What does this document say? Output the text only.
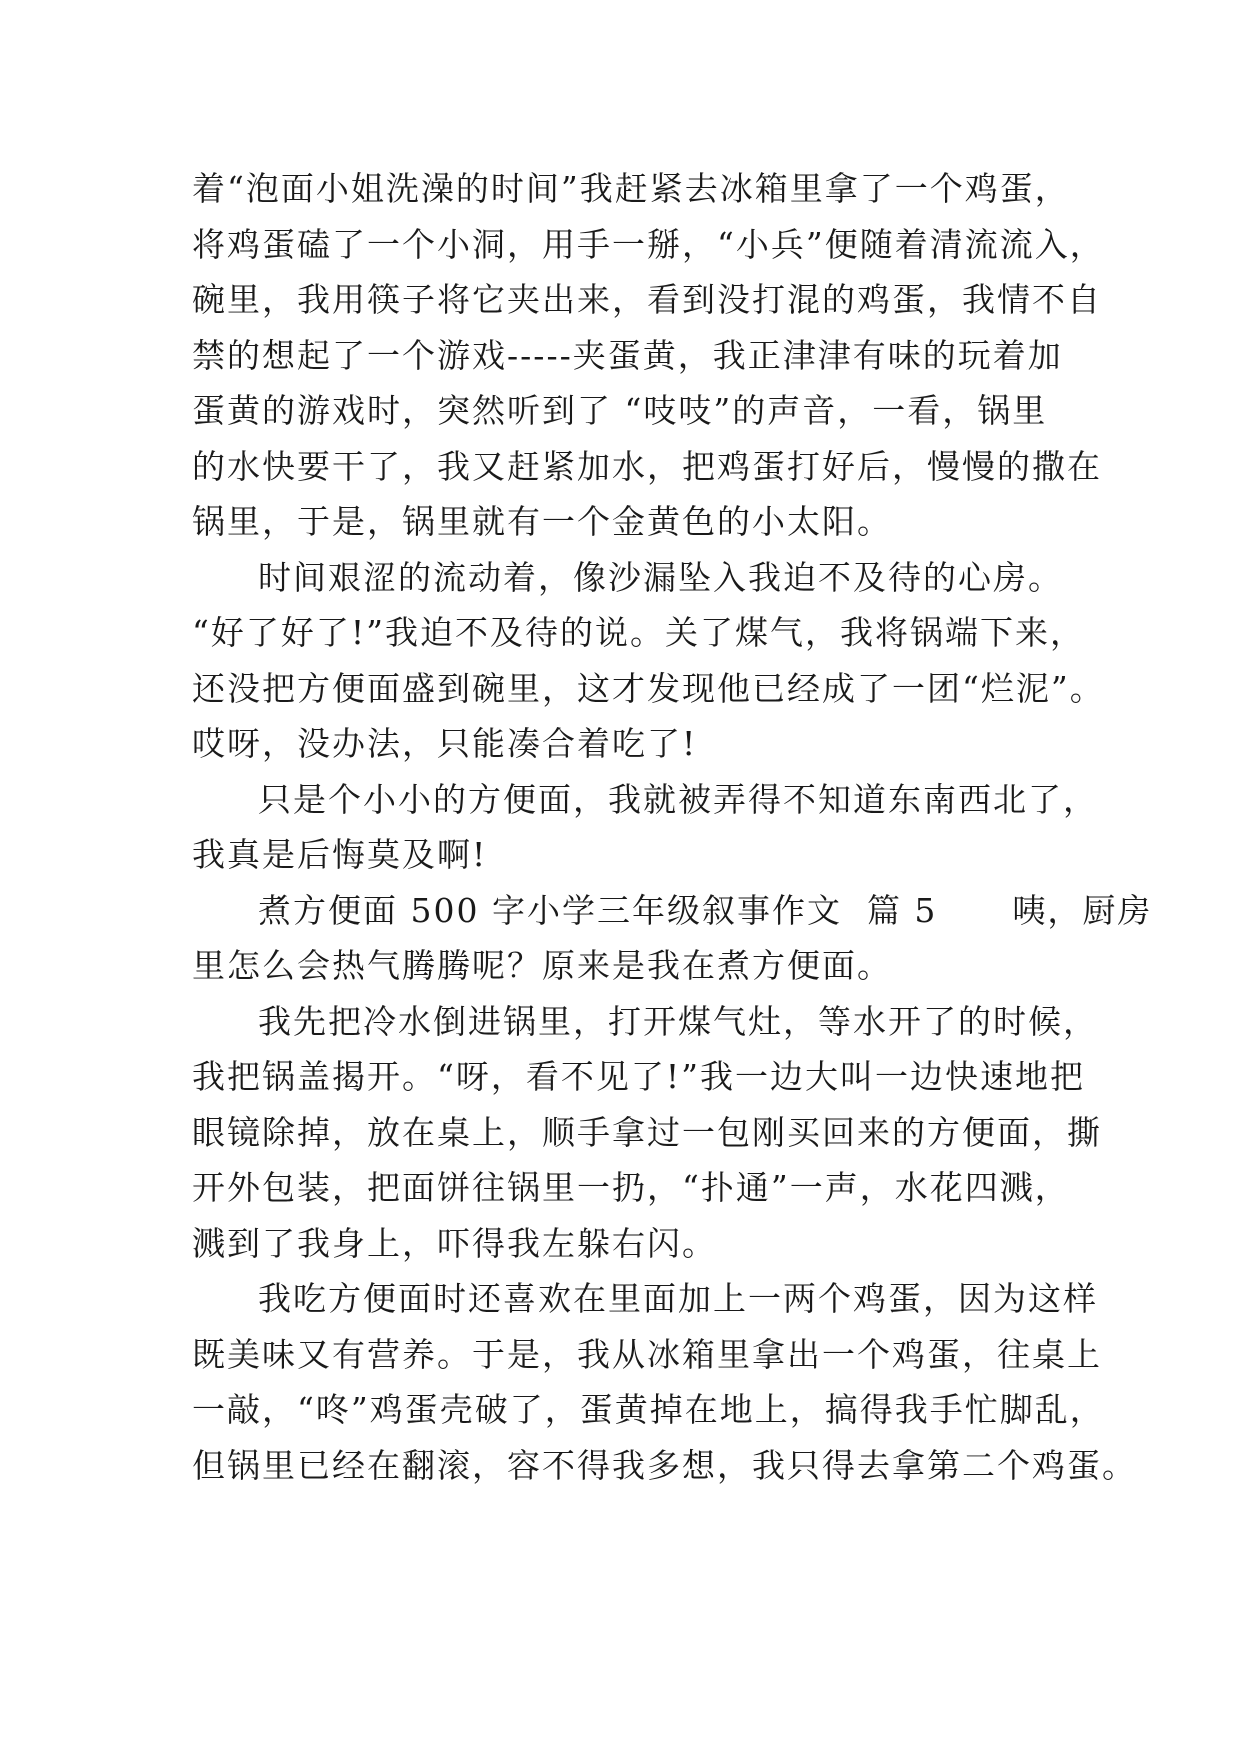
着“泡面小姐洗澡的时间”我赶紧去冰箱里拿了一个鸡蛋，
将鸡蛋磕了一个小洞，用手一掰，“小兵”便随着清流流入，
碗里，我用筷子将它夹出来，看到没打混的鸡蛋，我情不自
禁的想起了一个游戏-----夹蛋黄，我正津津有味的玩着加
蛋黄的游戏时，突然听到了 “吱吱”的声音，一看，锅里
的水快要干了，我又赶紧加水，把鸡蛋打好后，慢慢的撒在
锅里，于是，锅里就有一个金黄色的小太阳。
时间艰涩的流动着，像沙漏坠入我迫不及待的心房。
“好了好了!”我迫不及待的说。关了煤气，我将锅端下来，
还没把方便面盛到碗里，这才发现他已经成了一团“烂泥”。
哎呀，没办法，只能凑合着吃了!
只是个小小的方便面，我就被弄得不知道东南西北了，
我真是后悔莫及啊!
煮方便面 500 字小学三年级叙事作文  篇 5      咦，厨房
里怎么会热气腾腾呢？原来是我在煮方便面。
我先把冷水倒进锅里，打开煤气灶，等水开了的时候，
我把锅盖揭开。“呀，看不见了!”我一边大叫一边快速地把
眼镜除掉，放在桌上，顺手拿过一包刚买回来的方便面，撕
开外包装，把面饼往锅里一扔，“扑通”一声，水花四溅，
溅到了我身上，吓得我左躲右闪。
我吃方便面时还喜欢在里面加上一两个鸡蛋，因为这样
既美味又有营养。于是，我从冰箱里拿出一个鸡蛋，往桌上
一敲，“咚”鸡蛋壳破了，蛋黄掉在地上，搞得我手忙脚乱，
但锅里已经在翻滚，容不得我多想，我只得去拿第二个鸡蛋。
